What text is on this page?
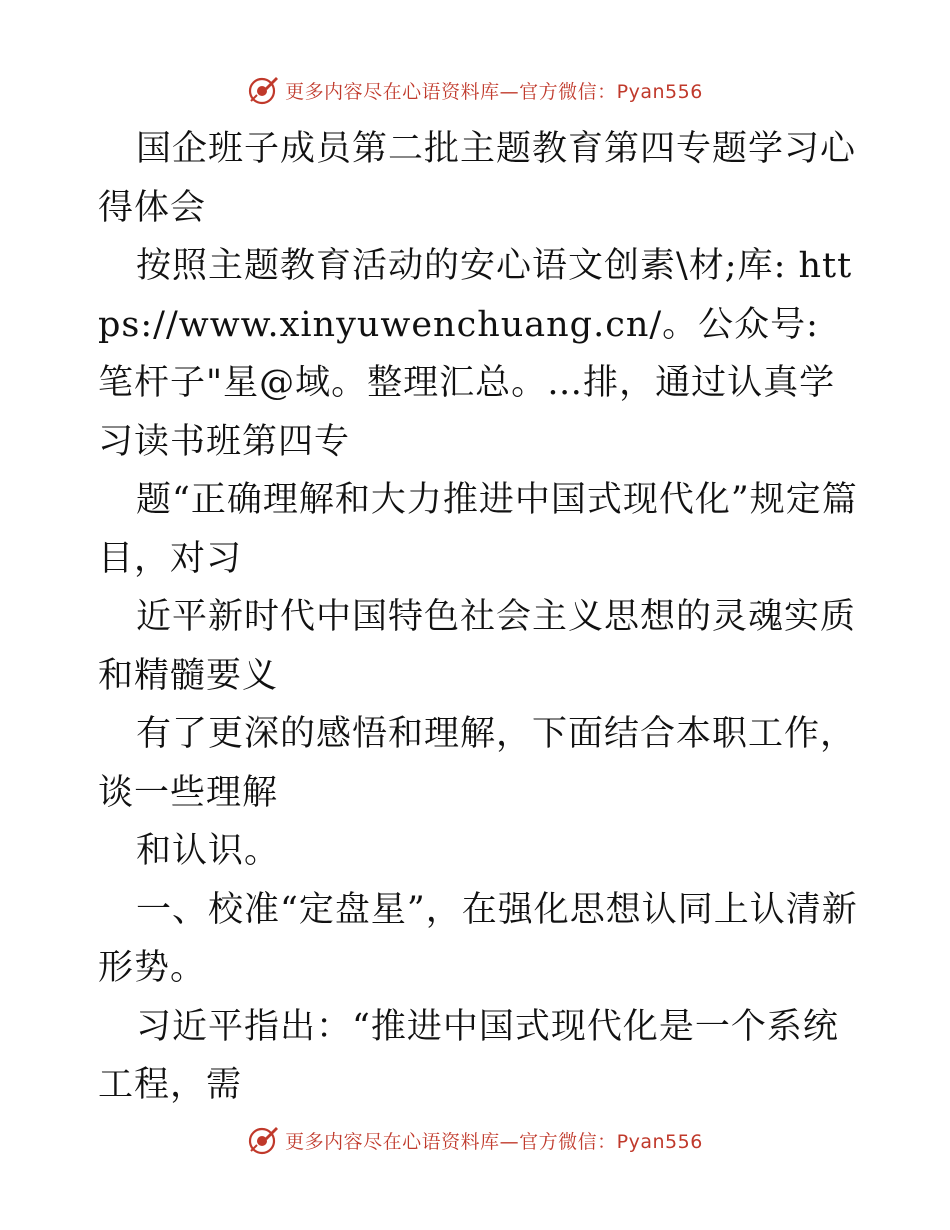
更多内容尽在心语资料库—官方微信：Pyan556

国企班子成员第二批主题教育第四专题学习心得体会

按照主题教育活动的安心语文创素\材;库: https://www.xinyuwenchuang.cn/。公众号: 笔杆子"星@域。整理汇总。…排，通过认真学习读书班第四专

题“正确理解和大力推进中国式现代化”规定篇目，对习

近平新时代中国特色社会主义思想的灵魂实质和精髓要义

有了更深的感悟和理解，下面结合本职工作，谈一些理解

和认识。

一、校准“定盘星”，在强化思想认同上认清新形势。

习近平指出：“推进中国式现代化是一个系统工程，需

更多内容尽在心语资料库—官方微信：Pyan556
